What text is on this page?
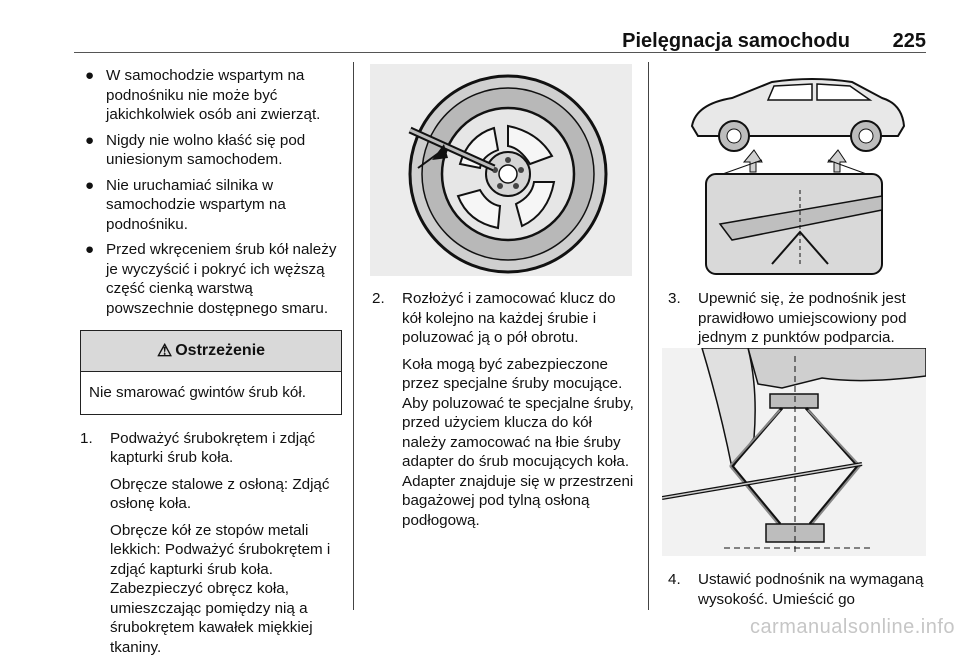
Pielęgnacja samochodu	225
● W samochodzie wspartym na podnośniku nie może być jakichkolwiek osób ani zwierząt.
● Nigdy nie wolno kłaść się pod uniesionym samochodem.
● Nie uruchamiać silnika w samochodzie wspartym na podnośniku.
● Przed wkręceniem śrub kół należy je wyczyścić i pokryć ich węższą część cienką warstwą powszechnie dostępnego smaru.
⚠ Ostrzeżenie
Nie smarować gwintów śrub kół.
1. Podważyć śrubokrętem i zdjąć kapturki śrub koła.

Obręcze stalowe z osłoną: Zdjąć osłonę koła.

Obręcze kół ze stopów metali lekkich: Podważyć śrubokrętem i zdjąć kapturki śrub koła. Zabezpieczyć obręcz koła, umieszczając pomiędzy nią a śrubokrętem kawałek miękkiej tkaniny.

2. Rozłożyć i zamocować klucz do kół kolejno na każdej śrubie i poluzować ją o pół obrotu.

Koła mogą być zabezpieczone przez specjalne śruby mocujące. Aby poluzować te specjalne śruby, przed użyciem klucza do kół należy zamocować na łbie śruby adapter do śrub mocujących koła. Adapter znajduje się w przestrzeni bagażowej pod tylną osłoną podłogową.

3. Upewnić się, że podnośnik jest prawidłowo umiejscowiony pod jednym z punktów podparcia.

4. Ustawić podnośnik na wymaganą wysokość. Umieścić go

carmanualsonline.info
